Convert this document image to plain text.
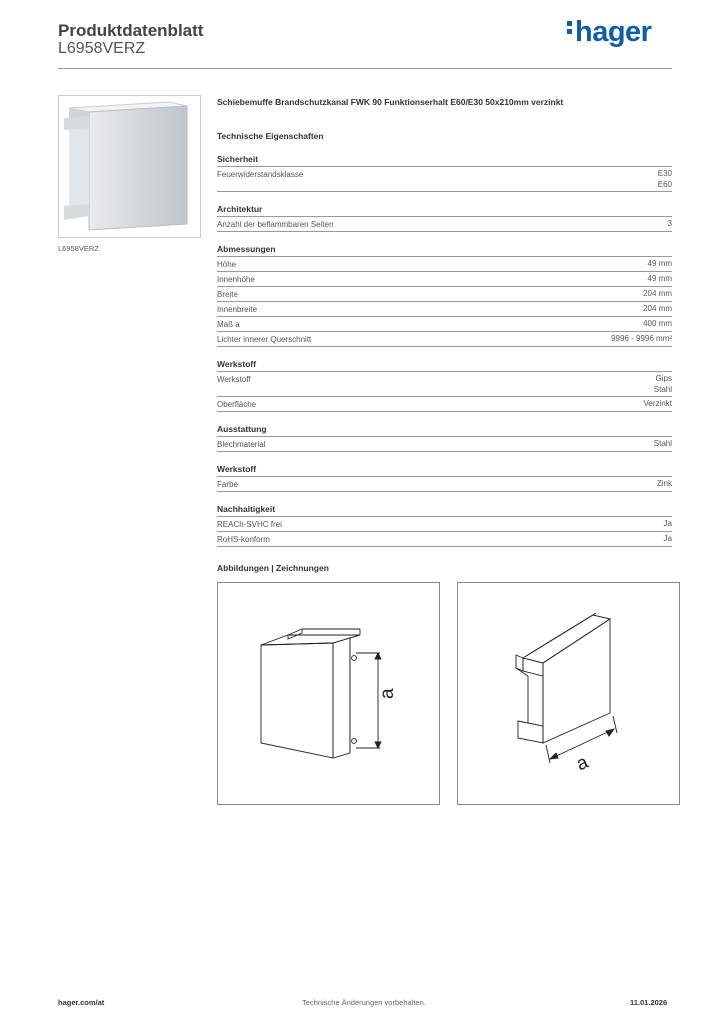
Produktdatenblatt
L6958VERZ
hager
L6958VERZ
Schiebemuffe Brandschutzkanal FWK 90 Funktionserhalt E60/E30 50x210mm verzinkt
Technische Eigenschaften
Sicherheit
Feuerwiderstandsklasse	E30
E60
Architektur
Anzahl der beflammbaren Seiten	3
Abmessungen
Höhe	49 mm
Innenhöhe	49 mm
Breite	204 mm
Innenbreite	204 mm
Maß a	400 mm
Lichter innerer Querschnitt	9996 - 9996 mm²
Werkstoff
Werkstoff	Gips
Stahl
Oberfläche	Verzinkt
Ausstattung
Blechmaterial	Stahl
Werkstoff
Farbe	Zink
Nachhaltigkeit
REACh-SVHC frei	Ja
RoHS-konform	Ja
Abbildungen | Zeichnungen
a
a
hager.com/at	Technische Änderungen vorbehalten.	11.01.2026
